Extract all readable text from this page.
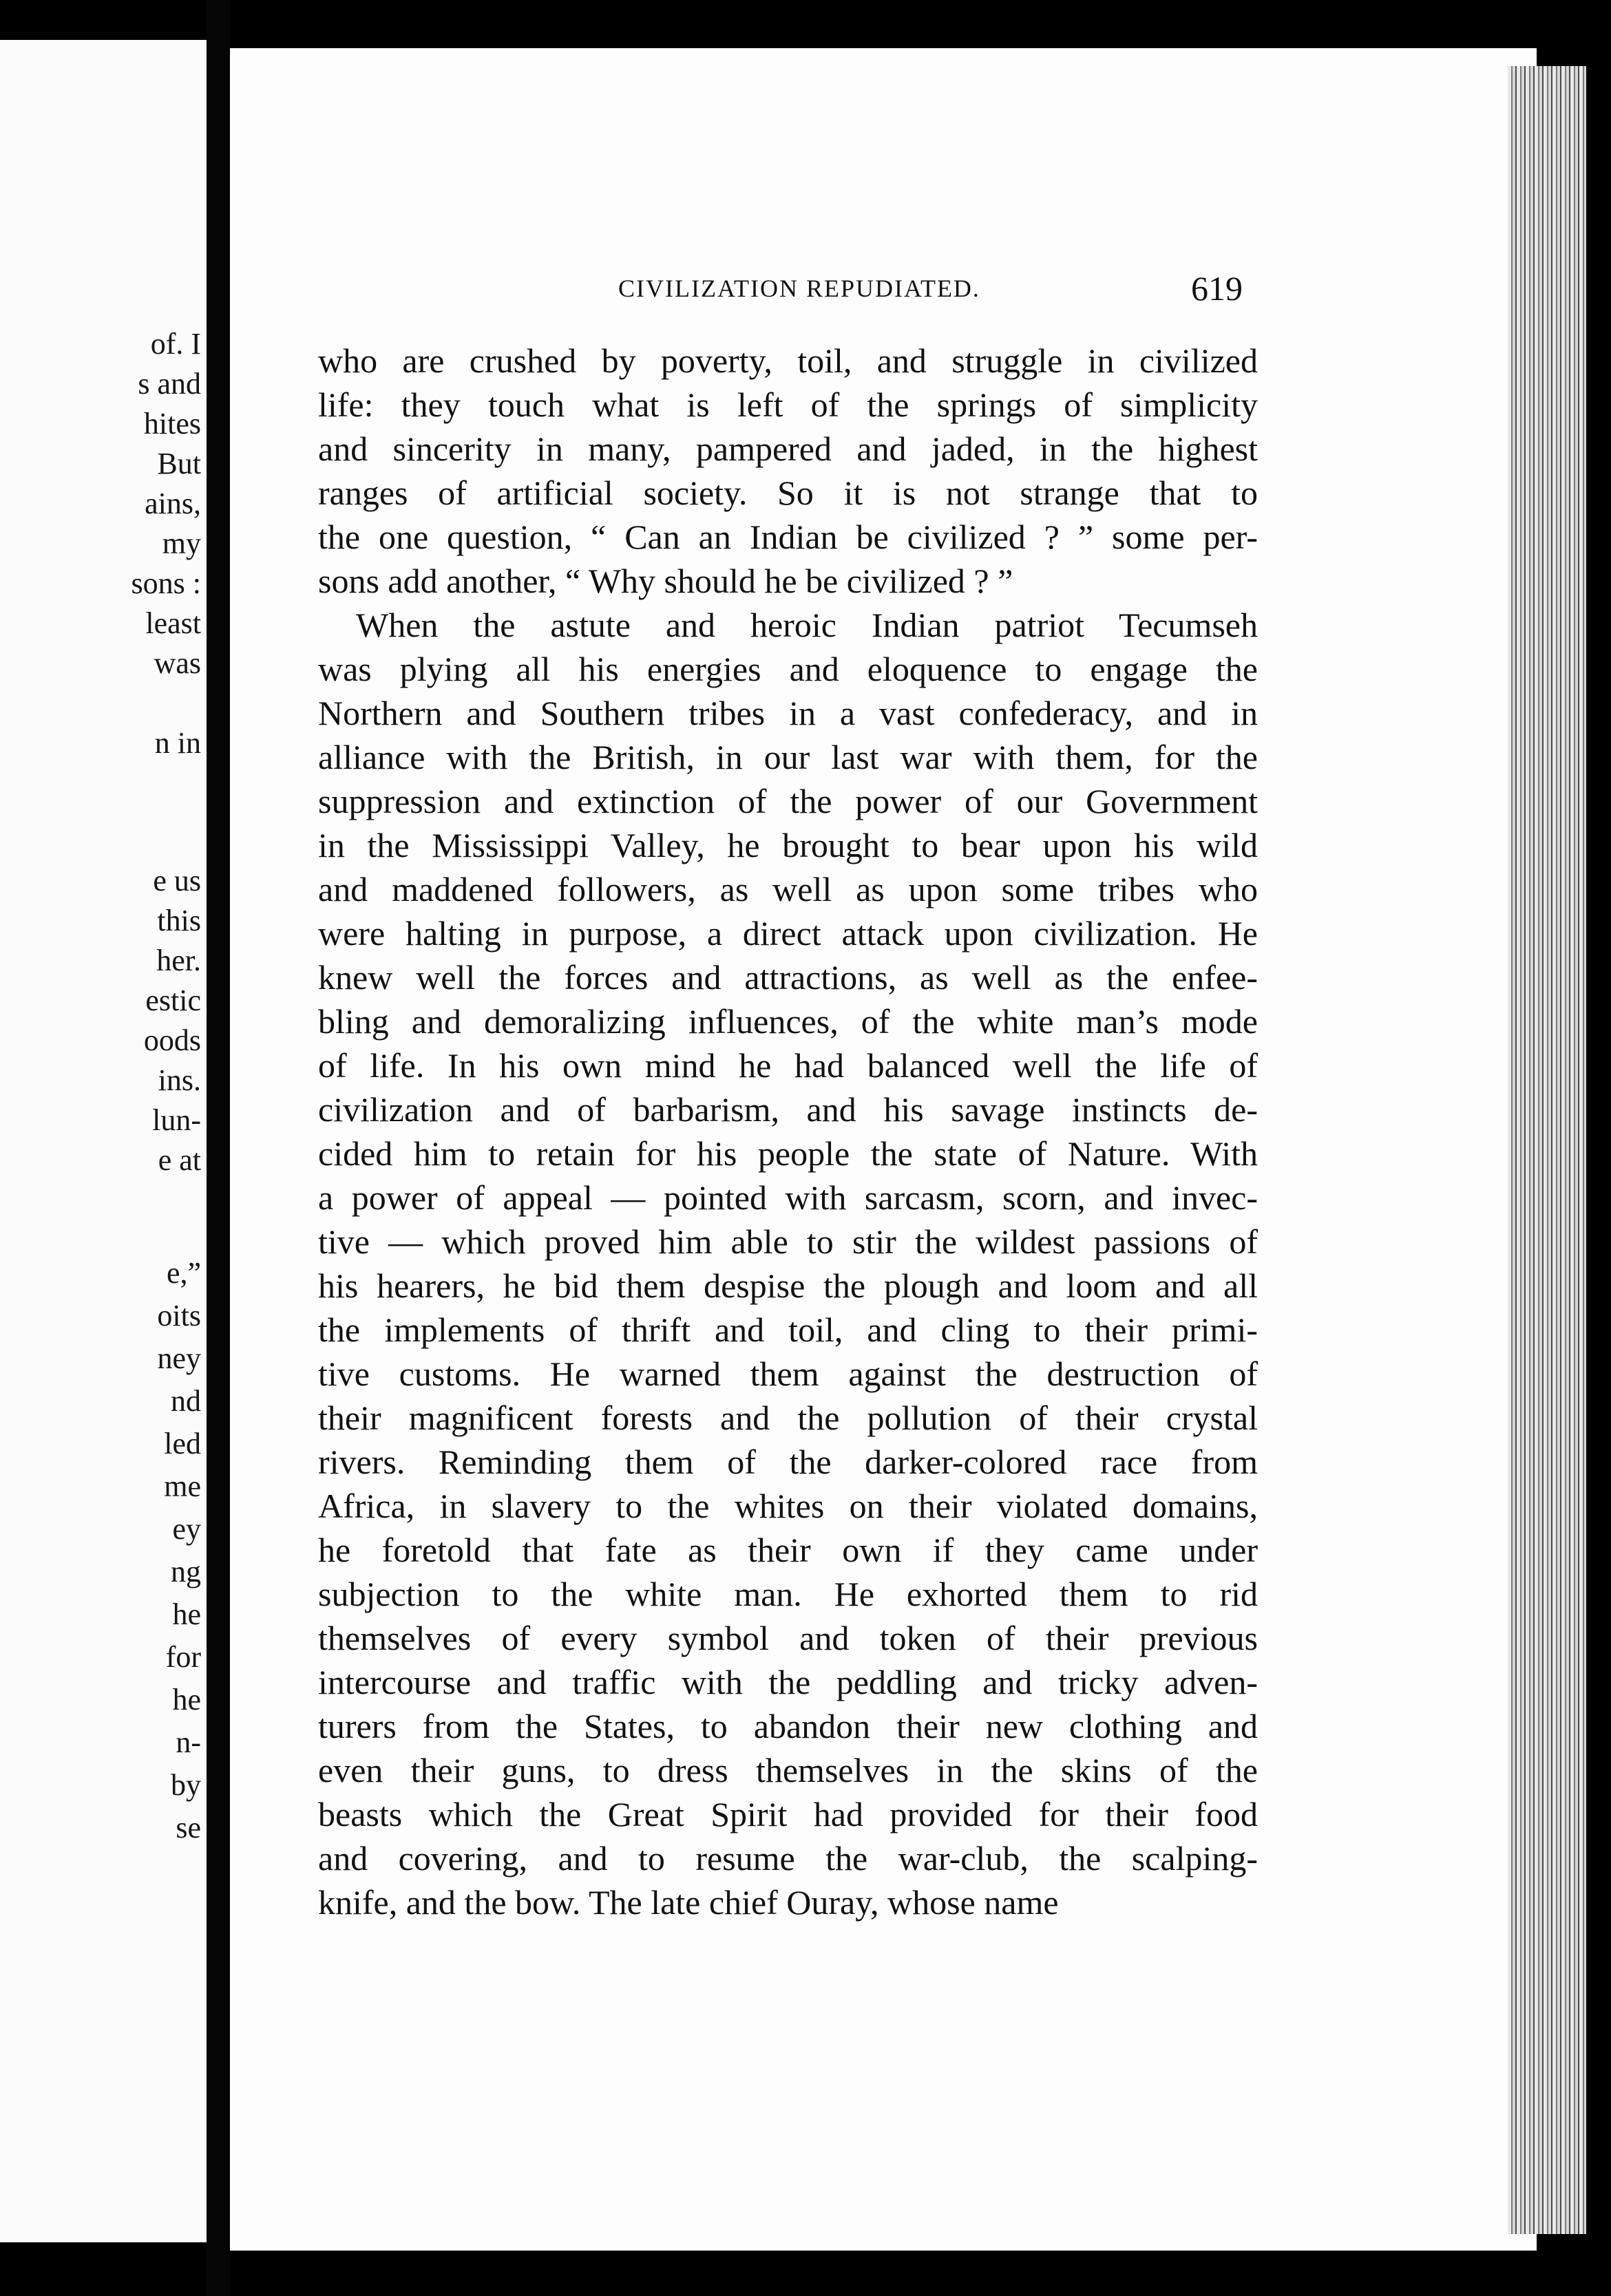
of. I
s and
hites
But
ains,
my
sons :
least
was
n in
e us
this
her.
estic
oods
ins.
lun-
e at
e,”
oits
ney
nd
led
me
ey
ng
he
for
he
n-
by
se
CIVILIZATION REPUDIATED.	619
who are crushed by poverty, toil, and struggle in civilized
life: they touch what is left of the springs of simplicity
and sincerity in many, pampered and jaded, in the highest
ranges of artificial society. So it is not strange that to
the one question, “ Can an Indian be civilized ? ” some per-
sons add another, “ Why should he be civilized ? ”
When the astute and heroic Indian patriot Tecumseh
was plying all his energies and eloquence to engage the
Northern and Southern tribes in a vast confederacy, and in
alliance with the British, in our last war with them, for the
suppression and extinction of the power of our Government
in the Mississippi Valley, he brought to bear upon his wild
and maddened followers, as well as upon some tribes who
were halting in purpose, a direct attack upon civilization. He
knew well the forces and attractions, as well as the enfee-
bling and demoralizing influences, of the white man’s mode
of life. In his own mind he had balanced well the life of
civilization and of barbarism, and his savage instincts de-
cided him to retain for his people the state of Nature. With
a power of appeal — pointed with sarcasm, scorn, and invec-
tive — which proved him able to stir the wildest passions of
his hearers, he bid them despise the plough and loom and all
the implements of thrift and toil, and cling to their primi-
tive customs. He warned them against the destruction of
their magnificent forests and the pollution of their crystal
rivers. Reminding them of the darker-colored race from
Africa, in slavery to the whites on their violated domains,
he foretold that fate as their own if they came under
subjection to the white man. He exhorted them to rid
themselves of every symbol and token of their previous
intercourse and traffic with the peddling and tricky adven-
turers from the States, to abandon their new clothing and
even their guns, to dress themselves in the skins of the
beasts which the Great Spirit had provided for their food
and covering, and to resume the war-club, the scalping-
knife, and the bow. The late chief Ouray, whose name
